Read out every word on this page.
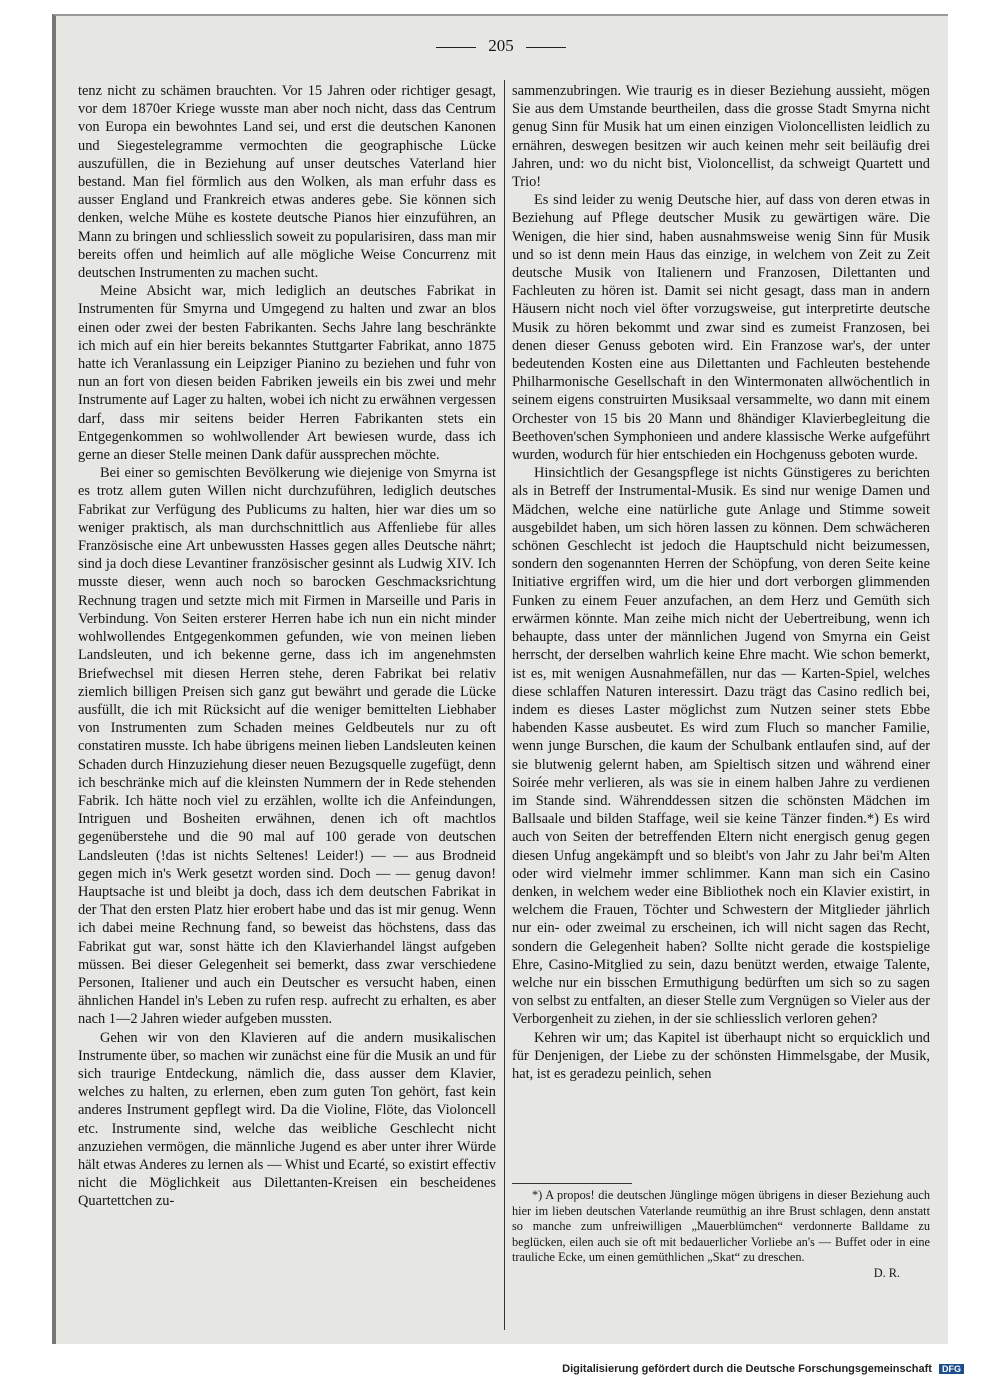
205

tenz nicht zu schämen brauchten. Vor 15 Jahren oder richtiger gesagt, vor dem 1870er Kriege wusste man aber noch nicht, dass das Centrum von Europa ein bewohntes Land sei, und erst die deutschen Kanonen und Siegestelegramme vermochten die geographische Lücke auszufüllen, die in Beziehung auf unser deutsches Vaterland hier bestand. Man fiel förmlich aus den Wolken, als man erfuhr dass es ausser England und Frankreich etwas anderes gebe. Sie können sich denken, welche Mühe es kostete deutsche Pianos hier einzuführen, an Mann zu bringen und schliesslich soweit zu popularisiren, dass man mir bereits offen und heimlich auf alle mögliche Weise Concurrenz mit deutschen Instrumenten zu machen sucht.

Meine Absicht war, mich lediglich an deutsches Fabrikat in Instrumenten für Smyrna und Umgegend zu halten und zwar an blos einen oder zwei der besten Fabrikanten. Sechs Jahre lang beschränkte ich mich auf ein hier bereits bekanntes Stuttgarter Fabrikat, anno 1875 hatte ich Veranlassung ein Leipziger Pianino zu beziehen und fuhr von nun an fort von diesen beiden Fabriken jeweils ein bis zwei und mehr Instrumente auf Lager zu halten, wobei ich nicht zu erwähnen vergessen darf, dass mir seitens beider Herren Fabrikanten stets ein Entgegenkommen so wohlwollender Art bewiesen wurde, dass ich gerne an dieser Stelle meinen Dank dafür aussprechen möchte.

Bei einer so gemischten Bevölkerung wie diejenige von Smyrna ist es trotz allem guten Willen nicht durchzuführen, lediglich deutsches Fabrikat zur Verfügung des Publicums zu halten, hier war dies um so weniger praktisch, als man durchschnittlich aus Affenliebe für alles Französische eine Art unbewussten Hasses gegen alles Deutsche nährt; sind ja doch diese Levantiner französischer gesinnt als Ludwig XIV. Ich musste dieser, wenn auch noch so barocken Geschmacksrichtung Rechnung tragen und setzte mich mit Firmen in Marseille und Paris in Verbindung. Von Seiten ersterer Herren habe ich nun ein nicht minder wohlwollendes Entgegenkommen gefunden, wie von meinen lieben Landsleuten, und ich bekenne gerne, dass ich im angenehmsten Briefwechsel mit diesen Herren stehe, deren Fabrikat bei relativ ziemlich billigen Preisen sich ganz gut bewährt und gerade die Lücke ausfüllt, die ich mit Rücksicht auf die weniger bemittelten Liebhaber von Instrumenten zum Schaden meines Geldbeutels nur zu oft constatiren musste. Ich habe übrigens meinen lieben Landsleuten keinen Schaden durch Hinzuziehung dieser neuen Bezugsquelle zugefügt, denn ich beschränke mich auf die kleinsten Nummern der in Rede stehenden Fabrik. Ich hätte noch viel zu erzählen, wollte ich die Anfeindungen, Intriguen und Bosheiten erwähnen, denen ich oft machtlos gegenüberstehe und die 90 mal auf 100 gerade von deutschen Landsleuten (!das ist nichts Seltenes! Leider!) — — aus Brodneid gegen mich in's Werk gesetzt worden sind. Doch — — genug davon! Hauptsache ist und bleibt ja doch, dass ich dem deutschen Fabrikat in der That den ersten Platz hier erobert habe und das ist mir genug. Wenn ich dabei meine Rechnung fand, so beweist das höchstens, dass das Fabrikat gut war, sonst hätte ich den Klavierhandel längst aufgeben müssen. Bei dieser Gelegenheit sei bemerkt, dass zwar verschiedene Personen, Italiener und auch ein Deutscher es versucht haben, einen ähnlichen Handel in's Leben zu rufen resp. aufrecht zu erhalten, es aber nach 1—2 Jahren wieder aufgeben mussten.

Gehen wir von den Klavieren auf die andern musikalischen Instrumente über, so machen wir zunächst eine für die Musik an und für sich traurige Entdeckung, nämlich die, dass ausser dem Klavier, welches zu halten, zu erlernen, eben zum guten Ton gehört, fast kein anderes Instrument gepflegt wird. Da die Violine, Flöte, das Violoncell etc. Instrumente sind, welche das weibliche Geschlecht nicht anzuziehen vermögen, die männliche Jugend es aber unter ihrer Würde hält etwas Anderes zu lernen als — Whist und Ecarté, so existirt effectiv nicht die Möglichkeit aus Dilettanten-Kreisen ein bescheidenes Quartettchen zu-

sammenzubringen. Wie traurig es in dieser Beziehung aussieht, mögen Sie aus dem Umstande beurtheilen, dass die grosse Stadt Smyrna nicht genug Sinn für Musik hat um einen einzigen Violoncellisten leidlich zu ernähren, deswegen besitzen wir auch keinen mehr seit beiläufig drei Jahren, und: wo du nicht bist, Violoncellist, da schweigt Quartett und Trio!

Es sind leider zu wenig Deutsche hier, auf dass von deren etwas in Beziehung auf Pflege deutscher Musik zu gewärtigen wäre. Die Wenigen, die hier sind, haben ausnahmsweise wenig Sinn für Musik und so ist denn mein Haus das einzige, in welchem von Zeit zu Zeit deutsche Musik von Italienern und Franzosen, Dilettanten und Fachleuten zu hören ist. Damit sei nicht gesagt, dass man in andern Häusern nicht noch viel öfter vorzugsweise, gut interpretirte deutsche Musik zu hören bekommt und zwar sind es zumeist Franzosen, bei denen dieser Genuss geboten wird. Ein Franzose war's, der unter bedeutenden Kosten eine aus Dilettanten und Fachleuten bestehende Philharmonische Gesellschaft in den Wintermonaten allwöchentlich in seinem eigens construirten Musiksaal versammelte, wo dann mit einem Orchester von 15 bis 20 Mann und 8händiger Klavierbegleitung die Beethoven'schen Symphonieen und andere klassische Werke aufgeführt wurden, wodurch für hier entschieden ein Hochgenuss geboten wurde.

Hinsichtlich der Gesangspflege ist nichts Günstigeres zu berichten als in Betreff der Instrumental-Musik. Es sind nur wenige Damen und Mädchen, welche eine natürliche gute Anlage und Stimme soweit ausgebildet haben, um sich hören lassen zu können. Dem schwächeren schönen Geschlecht ist jedoch die Hauptschuld nicht beizumessen, sondern den sogenannten Herren der Schöpfung, von deren Seite keine Initiative ergriffen wird, um die hier und dort verborgen glimmenden Funken zu einem Feuer anzufachen, an dem Herz und Gemüth sich erwärmen könnte. Man zeihe mich nicht der Uebertreibung, wenn ich behaupte, dass unter der männlichen Jugend von Smyrna ein Geist herrscht, der derselben wahrlich keine Ehre macht. Wie schon bemerkt, ist es, mit wenigen Ausnahmefällen, nur das — Karten-Spiel, welches diese schlaffen Naturen interessirt. Dazu trägt das Casino redlich bei, indem es dieses Laster möglichst zum Nutzen seiner stets Ebbe habenden Kasse ausbeutet. Es wird zum Fluch so mancher Familie, wenn junge Burschen, die kaum der Schulbank entlaufen sind, auf der sie blutwenig gelernt haben, am Spieltisch sitzen und während einer Soirée mehr verlieren, als was sie in einem halben Jahre zu verdienen im Stande sind. Währenddessen sitzen die schönsten Mädchen im Ballsaale und bilden Staffage, weil sie keine Tänzer finden.*) Es wird auch von Seiten der betreffenden Eltern nicht energisch genug gegen diesen Unfug angekämpft und so bleibt's von Jahr zu Jahr bei'm Alten oder wird vielmehr immer schlimmer. Kann man sich ein Casino denken, in welchem weder eine Bibliothek noch ein Klavier existirt, in welchem die Frauen, Töchter und Schwestern der Mitglieder jährlich nur ein- oder zweimal zu erscheinen, ich will nicht sagen das Recht, sondern die Gelegenheit haben? Sollte nicht gerade die kostspielige Ehre, Casino-Mitglied zu sein, dazu benützt werden, etwaige Talente, welche nur ein bisschen Ermuthigung bedürften um sich so zu sagen von selbst zu entfalten, an dieser Stelle zum Vergnügen so Vieler aus der Verborgenheit zu ziehen, in der sie schliesslich verloren gehen?

Kehren wir um; das Kapitel ist überhaupt nicht so erquicklich und für Denjenigen, der Liebe zu der schönsten Himmelsgabe, der Musik, hat, ist es geradezu peinlich, sehen

*) A propos! die deutschen Jünglinge mögen übrigens in dieser Beziehung auch hier im lieben deutschen Vaterlande reumüthig an ihre Brust schlagen, denn anstatt so manche zum unfreiwilligen „Mauerblümchen“ verdonnerte Balldame zu beglücken, eilen auch sie oft mit bedauerlicher Vorliebe an's — Buffet oder in eine trauliche Ecke, um einen gemüthlichen „Skat“ zu dreschen.

D. R.
Digitalisierung gefördert durch die Deutsche Forschungsgemeinschaft DFG
